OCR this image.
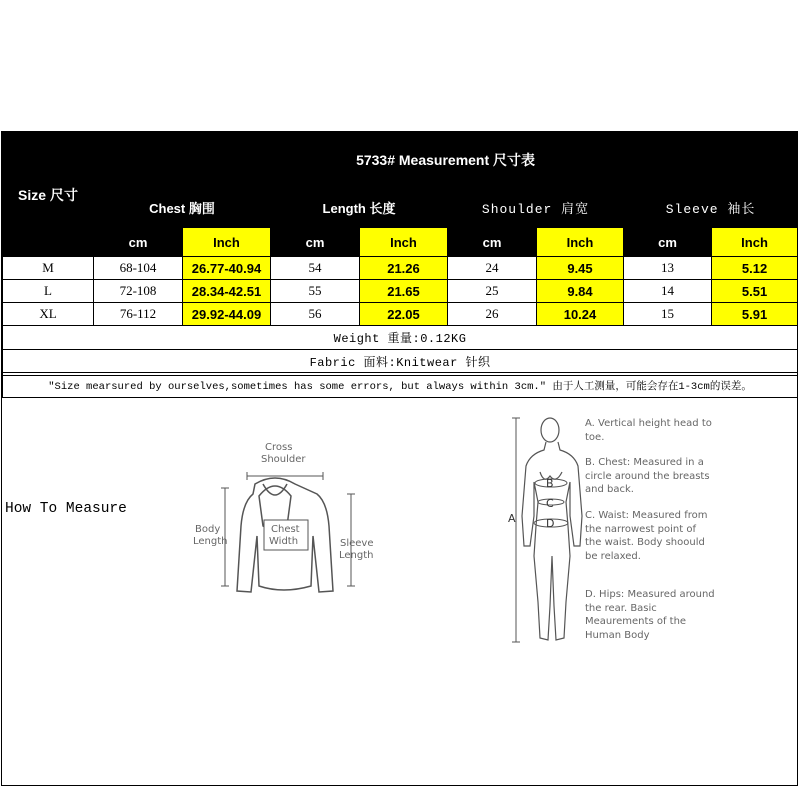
Size 尺寸	5733# Measurement 尺寸表							
	Chest 胸围		Length 长度		Shoulder 肩宽		Sleeve 袖长	
	cm	Inch	cm	Inch	cm	Inch	cm	Inch
M	68-104	26.77-40.94	54	21.26	24	9.45	13	5.12
L	72-108	28.34-42.51	55	21.65	25	9.84	14	5.51
XL	76-112	29.92-44.09	56	22.05	26	10.24	15	5.91
Weight 重量:0.12KG								
Fabric 面料:Knitwear 针织								
"Size mearsured by ourselves,sometimes has some errors, but always within 3cm." 由于人工测量，可能会存在1-3cm的误差。								
How To Measure
Cross
Shoulder
Body
Length
Chest
Width	Sleeve
Length
B
C
D
A
A. Vertical height head to toe.
B. Chest: Measured in a circle around the breasts and back.
C. Waist: Measured from the narrowest point of the waist. Body shoould be relaxed.
D. Hips: Measured around the rear. Basic Meaurements of the Human Body
